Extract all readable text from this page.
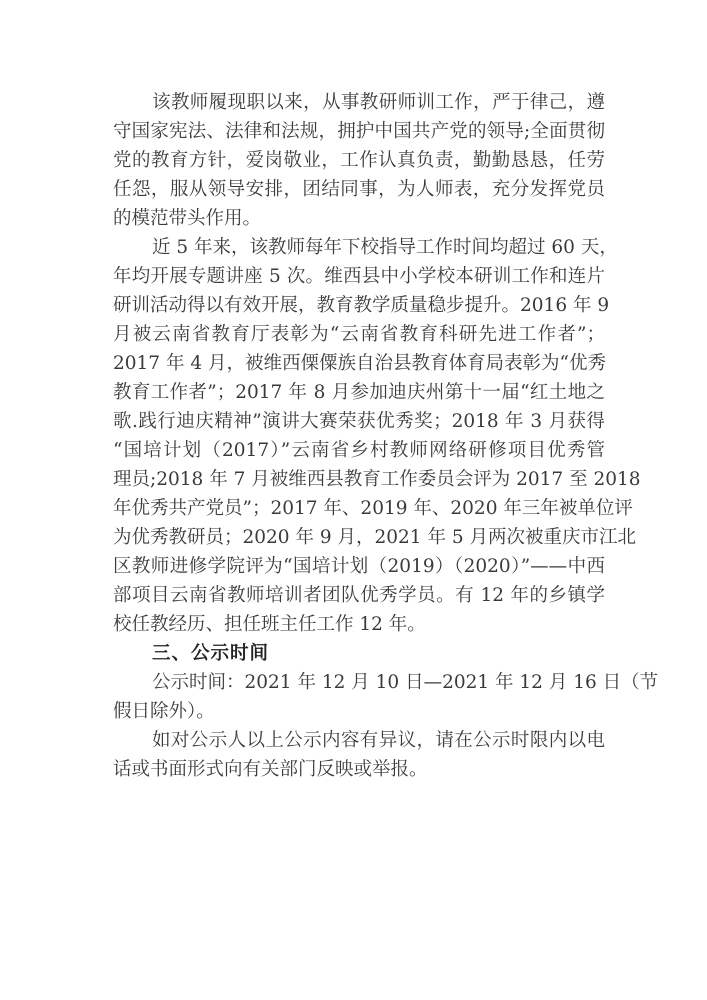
该教师履现职以来，从事教研师训工作，严于律己，遵
守国家宪法、法律和法规，拥护中国共产党的领导;全面贯彻
党的教育方针，爱岗敬业，工作认真负责，勤勤恳恳，任劳
任怨，服从领导安排，团结同事，为人师表，充分发挥党员
的模范带头作用。
近 5 年来，该教师每年下校指导工作时间均超过 60 天，
年均开展专题讲座 5 次。维西县中小学校本研训工作和连片
研训活动得以有效开展，教育教学质量稳步提升。2016 年 9
月被云南省教育厅表彰为“云南省教育科研先进工作者”；
2017 年 4 月，被维西傈僳族自治县教育体育局表彰为“优秀
教育工作者”；2017 年 8 月参加迪庆州第十一届“红土地之
歌.践行迪庆精神”演讲大赛荣获优秀奖；2018 年 3 月获得
“国培计划（2017）”云南省乡村教师网络研修项目优秀管
理员;2018 年 7 月被维西县教育工作委员会评为 2017 至 2018
年优秀共产党员”；2017 年、2019 年、2020 年三年被单位评
为优秀教研员；2020 年 9 月，2021 年 5 月两次被重庆市江北
区教师进修学院评为“国培计划（2019）（2020）”——中西
部项目云南省教师培训者团队优秀学员。有 12 年的乡镇学
校任教经历、担任班主任工作 12 年。
三、公示时间
公示时间：2021 年 12 月 10 日—2021 年 12 月 16 日（节
假日除外）。
如对公示人以上公示内容有异议，请在公示时限内以电
话或书面形式向有关部门反映或举报。
